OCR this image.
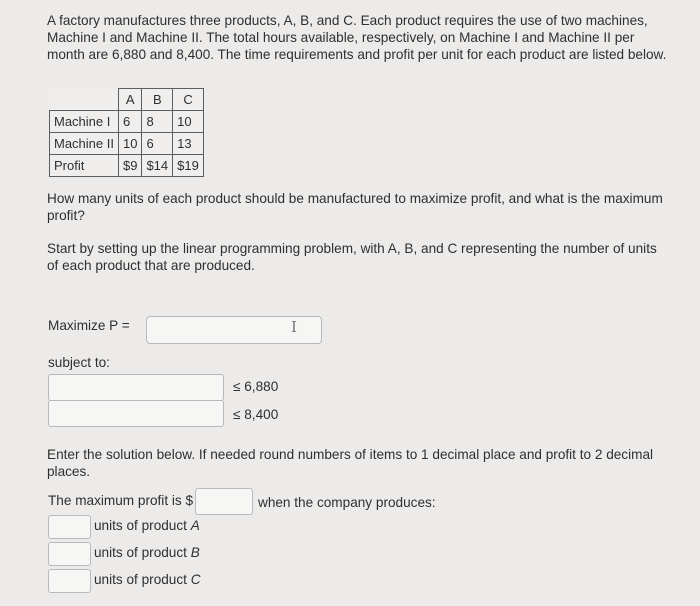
A factory manufactures three products, A, B, and C. Each product requires the use of two machines, Machine I and Machine II. The total hours available, respectively, on Machine I and Machine II per month are 6,880 and 8,400. The time requirements and profit per unit for each product are listed below.
	A	B	C
Machine I	6	8	10
Machine II	10	6	13
Profit	$9	$14	$19
How many units of each product should be manufactured to maximize profit, and what is the maximum profit?
Start by setting up the linear programming problem, with A, B, and C representing the number of units of each product that are produced.
Maximize P =	I
subject to:
≤ 6,880
≤ 8,400
Enter the solution below. If needed round numbers of items to 1 decimal place and profit to 2 decimal places.
The maximum profit is $	when the company produces:
units of product A
units of product B
units of product C
